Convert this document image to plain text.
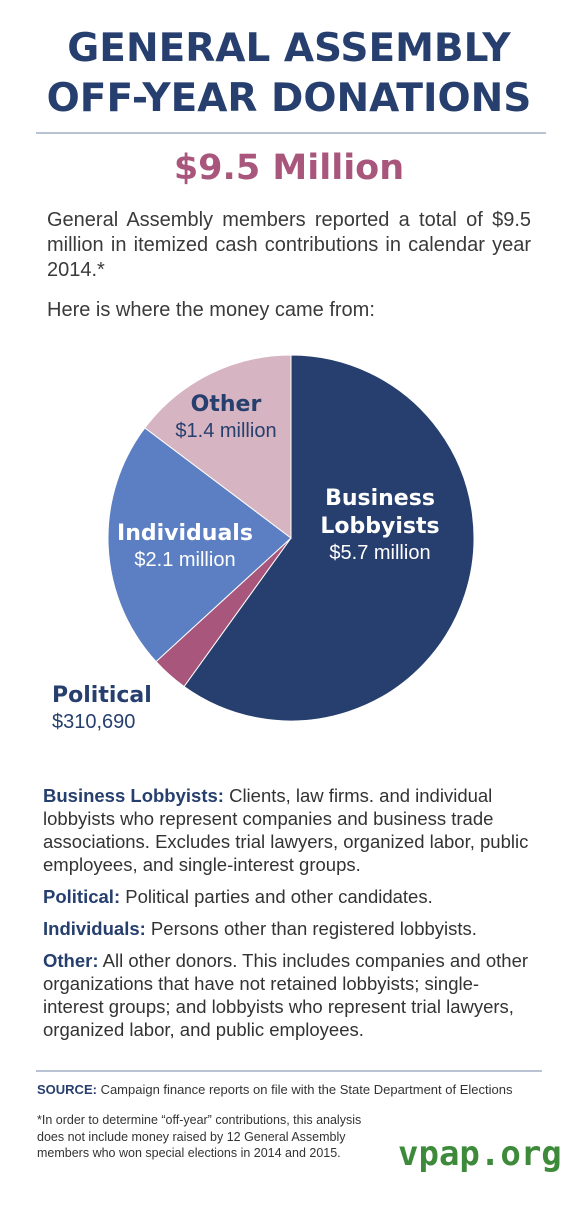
GENERAL ASSEMBLY
OFF-YEAR DONATIONS
$9.5 Million
General Assembly members reported a total of $9.5 million in itemized cash contributions in calendar year 2014.*
Here is where the money came from:
Business Lobbyists
$5.7 million
Political
$310,690
Individuals
$2.1 million
Other
$1.4 million

Business Lobbyists: Clients, law firms. and individual lobbyists who represent companies and business trade associations. Excludes trial lawyers, organized labor, public employees, and single-interest groups.

Political: Political parties and other candidates.

Individuals: Persons other than registered lobbyists.

Other: All other donors. This includes companies and other organizations that have not retained lobbyists; single-interest groups; and lobbyists who represent trial lawyers, organized labor, and public employees.

SOURCE: Campaign finance reports on file with the State Department of Elections
*In order to determine “off-year” contributions, this analysis does not include money raised by 12 General Assembly members who won special elections in 2014 and 2015.	vpap.org
